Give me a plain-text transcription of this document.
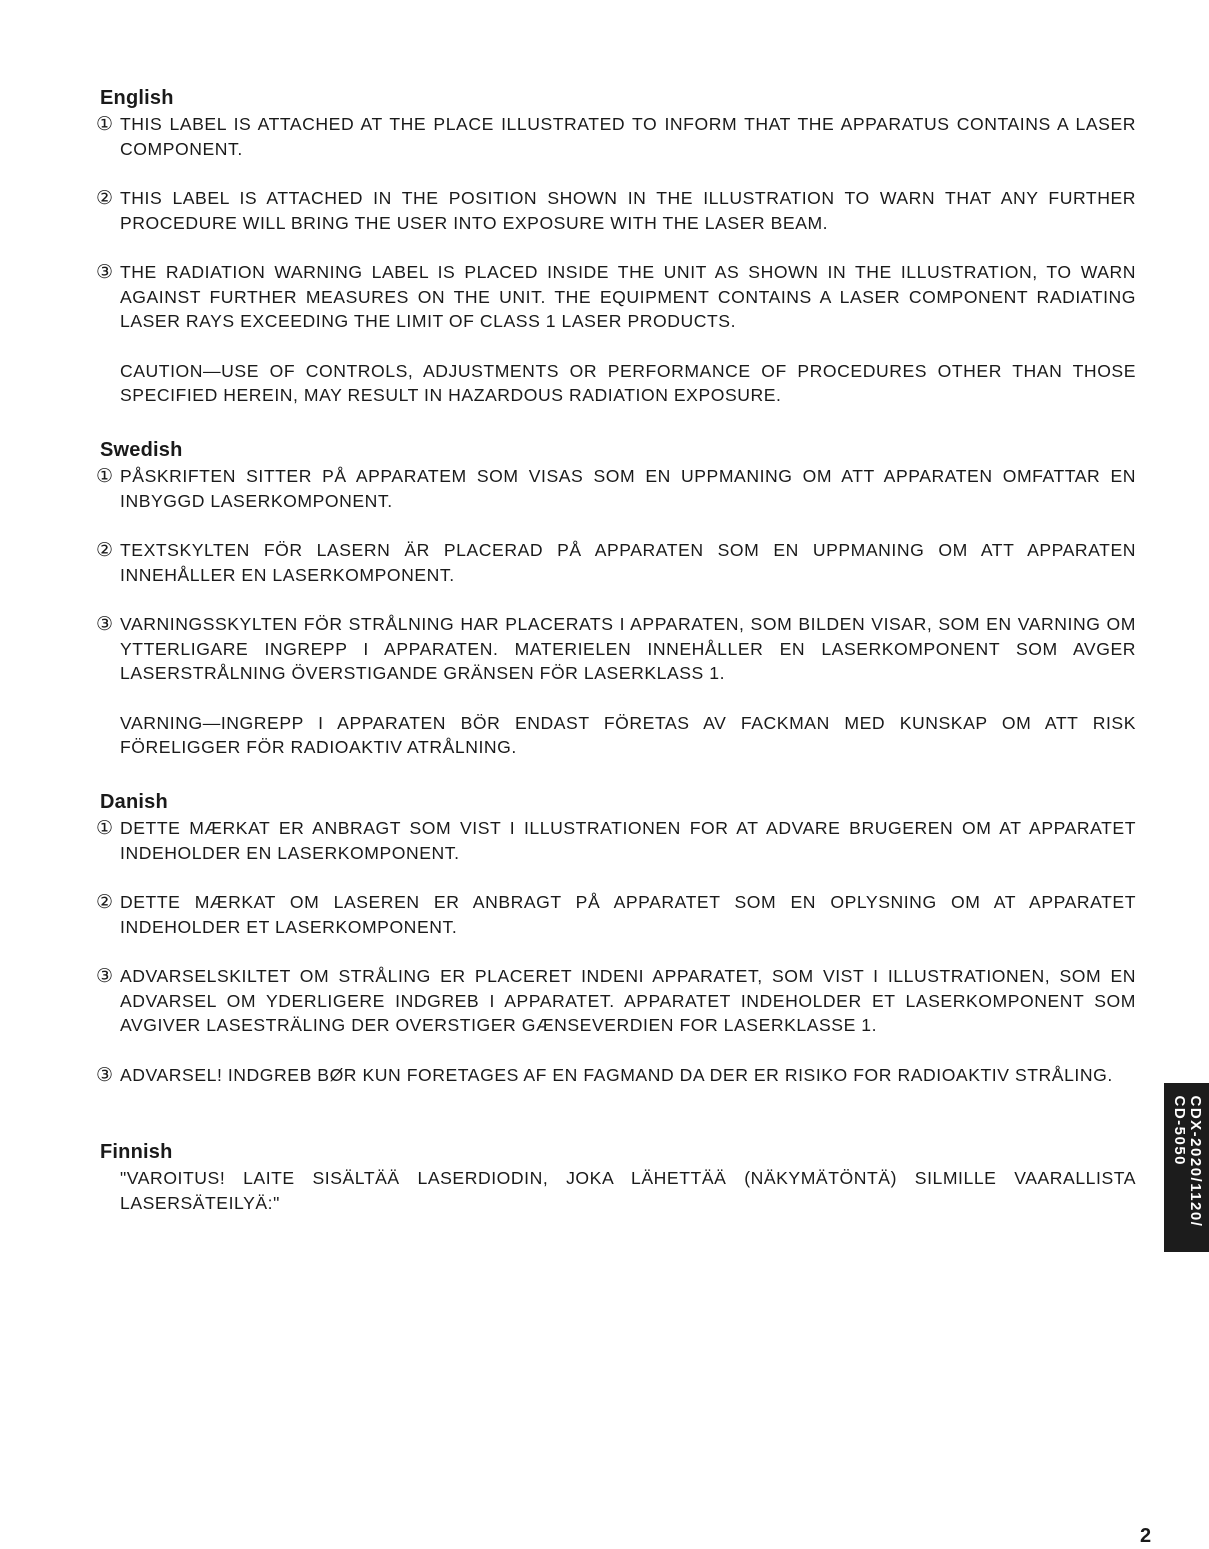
English
① THIS LABEL IS ATTACHED AT THE PLACE ILLUSTRATED TO INFORM THAT THE APPARATUS CONTAINS A LASER COMPONENT.
② THIS LABEL IS ATTACHED IN THE POSITION SHOWN IN THE ILLUSTRATION TO WARN THAT ANY FURTHER PROCEDURE WILL BRING THE USER INTO EXPOSURE WITH THE LASER BEAM.
③ THE RADIATION WARNING LABEL IS PLACED INSIDE THE UNIT AS SHOWN IN THE ILLUSTRATION, TO WARN AGAINST FURTHER MEASURES ON THE UNIT. THE EQUIPMENT CONTAINS A LASER COMPONENT RADIATING LASER RAYS EXCEEDING THE LIMIT OF CLASS 1 LASER PRODUCTS.
CAUTION—USE OF CONTROLS, ADJUSTMENTS OR PERFORMANCE OF PROCEDURES OTHER THAN THOSE SPECIFIED HEREIN, MAY RESULT IN HAZARDOUS RADIATION EXPOSURE.
Swedish
① PÅSKRIFTEN SITTER PÅ APPARATEM SOM VISAS SOM EN UPPMANING OM ATT APPARATEN OMFATTAR EN INBYGGD LASERKOMPONENT.
② TEXTSKYLTEN FÖR LASERN ÄR PLACERAD PÅ APPARATEN SOM EN UPPMANING OM ATT APPARATEN INNEHÅLLER EN LASERKOMPONENT.
③ VARNINGSSKYLTEN FÖR STRÅLNING HAR PLACERATS I APPARATEN, SOM BILDEN VISAR, SOM EN VARNING OM YTTERLIGARE INGREPP I APPARATEN. MATERIELEN INNEHÅLLER EN LASERKOMPONENT SOM AVGER LASERSTRÅLNING ÖVERSTIGANDE GRÄNSEN FÖR LASERKLASS 1.
VARNING—INGREPP I APPARATEN BÖR ENDAST FÖRETAS AV FACKMAN MED KUNSKAP OM ATT RISK FÖRELIGGER FÖR RADIOAKTIV ATRÅLNING.
Danish
① DETTE MÆRKAT ER ANBRAGT SOM VIST I ILLUSTRATIONEN FOR AT ADVARE BRUGEREN OM AT APPARATET INDEHOLDER EN LASERKOMPONENT.
② DETTE MÆRKAT OM LASEREN ER ANBRAGT PÅ APPARATET SOM EN OPLYSNING OM AT APPARATET INDEHOLDER ET LASERKOMPONENT.
③ ADVARSELSKILTET OM STRÅLING ER PLACERET INDENI APPARATET, SOM VIST I ILLUSTRATIONEN, SOM EN ADVARSEL OM YDERLIGERE INDGREB I APPARATET. APPARATET INDEHOLDER ET LASERKOMPONENT SOM AVGIVER LASESTRÄLING DER OVERSTIGER GÆNSEVERDIEN FOR LASERKLASSE 1.
③ ADVARSEL! INDGREB BØR KUN FORETAGES AF EN FAGMAND DA DER ER RISIKO FOR RADIOAKTIV STRÅLING.
Finnish
"VAROITUS! LAITE SISÄLTÄÄ LASERDIODIN, JOKA LÄHETTÄÄ (NÄKYMÄTÖNTÄ) SILMILLE VAARALLISTA LASERSÄTEILYÄ:"	CDX-2020/1120/
CD-5050
2
